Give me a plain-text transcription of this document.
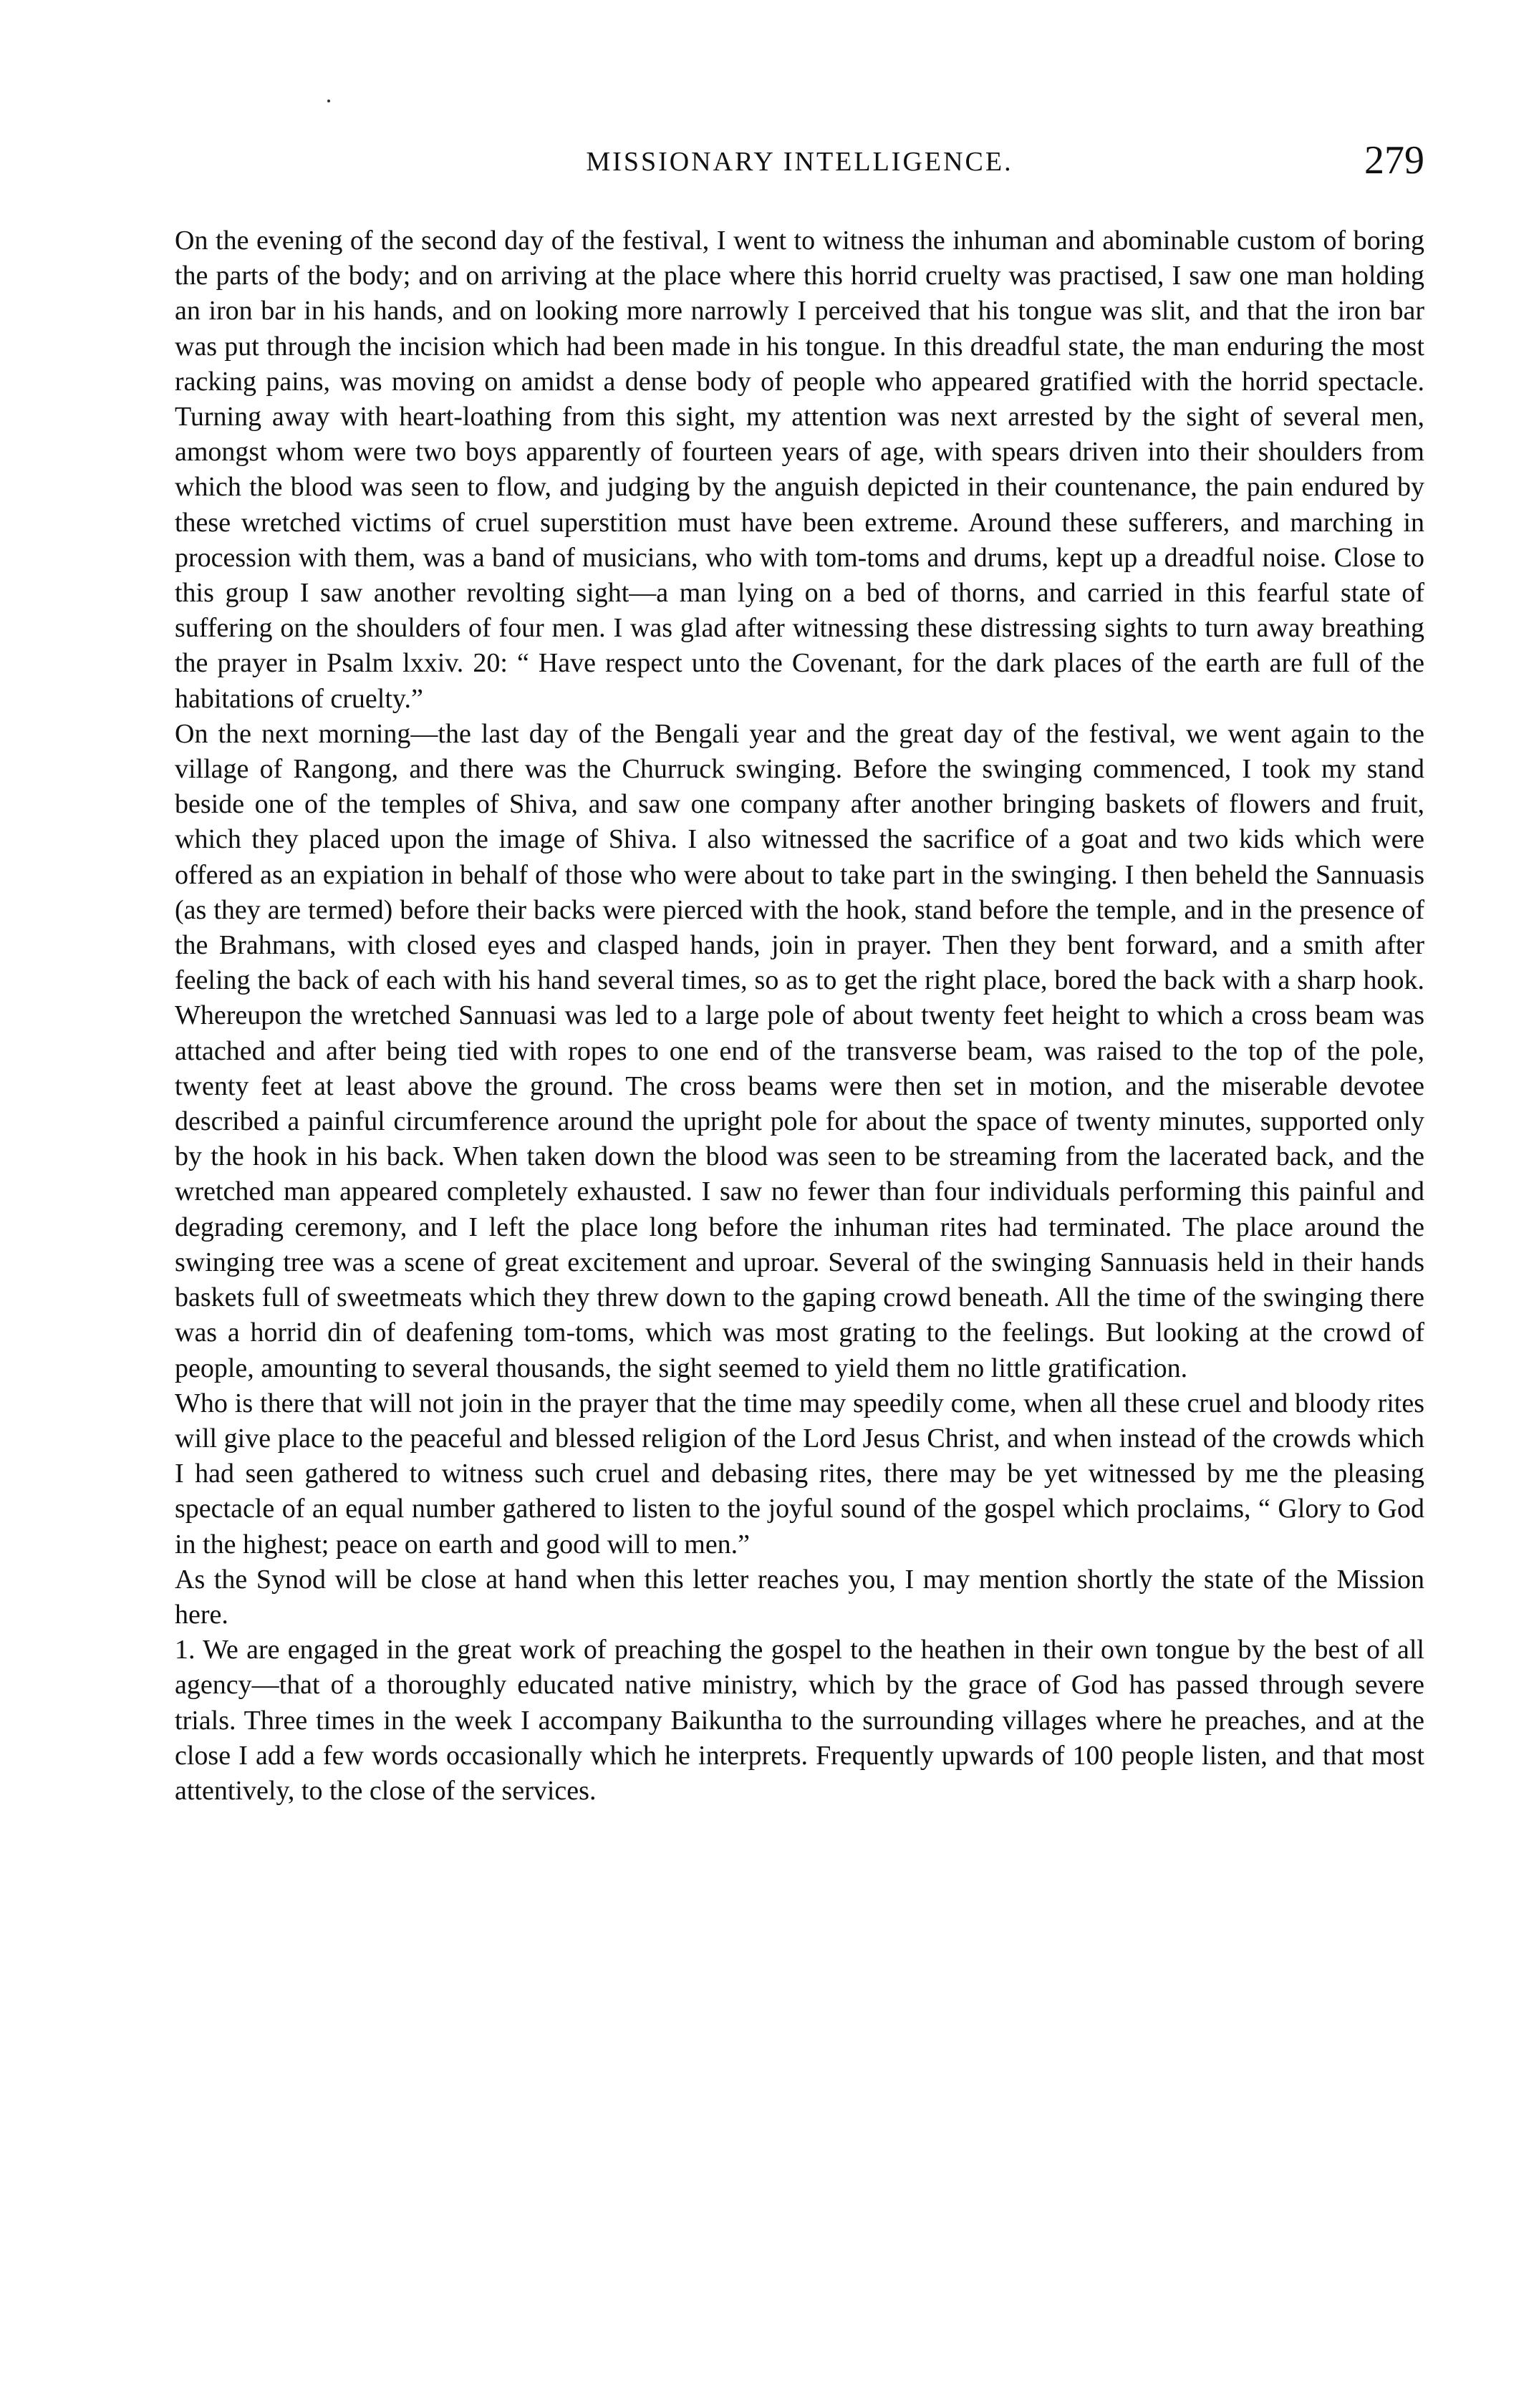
MISSIONARY INTELLIGENCE.	279

On the evening of the second day of the festival, I went to witness the inhuman and abominable custom of boring the parts of the body; and on arriving at the place where this horrid cruelty was practised, I saw one man holding an iron bar in his hands, and on looking more narrowly I perceived that his tongue was slit, and that the iron bar was put through the incision which had been made in his tongue. In this dreadful state, the man enduring the most racking pains, was moving on amidst a dense body of people who appeared gratified with the horrid spectacle. Turning away with heart-loathing from this sight, my attention was next arrested by the sight of several men, amongst whom were two boys apparently of fourteen years of age, with spears driven into their shoulders from which the blood was seen to flow, and judging by the anguish depicted in their countenance, the pain endured by these wretched victims of cruel superstition must have been extreme. Around these sufferers, and marching in procession with them, was a band of musicians, who with tom-toms and drums, kept up a dreadful noise. Close to this group I saw another revolting sight—a man lying on a bed of thorns, and carried in this fearful state of suffering on the shoulders of four men. I was glad after witnessing these distressing sights to turn away breathing the prayer in Psalm lxxiv. 20: “ Have respect unto the Covenant, for the dark places of the earth are full of the habitations of cruelty.”

On the next morning—the last day of the Bengali year and the great day of the festival, we went again to the village of Rangong, and there was the Churruck swinging. Before the swinging commenced, I took my stand beside one of the temples of Shiva, and saw one company after another bringing baskets of flowers and fruit, which they placed upon the image of Shiva. I also witnessed the sacrifice of a goat and two kids which were offered as an expiation in behalf of those who were about to take part in the swinging. I then beheld the Sannuasis (as they are termed) before their backs were pierced with the hook, stand before the temple, and in the presence of the Brahmans, with closed eyes and clasped hands, join in prayer. Then they bent forward, and a smith after feeling the back of each with his hand several times, so as to get the right place, bored the back with a sharp hook. Whereupon the wretched Sannuasi was led to a large pole of about twenty feet height to which a cross beam was attached and after being tied with ropes to one end of the transverse beam, was raised to the top of the pole, twenty feet at least above the ground. The cross beams were then set in motion, and the miserable devotee described a painful circumference around the upright pole for about the space of twenty minutes, supported only by the hook in his back. When taken down the blood was seen to be streaming from the lacerated back, and the wretched man appeared completely exhausted. I saw no fewer than four individuals performing this painful and degrading ceremony, and I left the place long before the inhuman rites had terminated. The place around the swinging tree was a scene of great excitement and uproar. Several of the swinging Sannuasis held in their hands baskets full of sweetmeats which they threw down to the gaping crowd beneath. All the time of the swinging there was a horrid din of deafening tom-toms, which was most grating to the feelings. But looking at the crowd of people, amounting to several thousands, the sight seemed to yield them no little gratification.

Who is there that will not join in the prayer that the time may speedily come, when all these cruel and bloody rites will give place to the peaceful and blessed religion of the Lord Jesus Christ, and when instead of the crowds which I had seen gathered to witness such cruel and debasing rites, there may be yet witnessed by me the pleasing spectacle of an equal number gathered to listen to the joyful sound of the gospel which proclaims, “ Glory to God in the highest; peace on earth and good will to men.”

As the Synod will be close at hand when this letter reaches you, I may mention shortly the state of the Mission here.

1. We are engaged in the great work of preaching the gospel to the heathen in their own tongue by the best of all agency—that of a thoroughly educated native ministry, which by the grace of God has passed through severe trials. Three times in the week I accompany Baikuntha to the surrounding villages where he preaches, and at the close I add a few words occasionally which he interprets. Frequently upwards of 100 people listen, and that most attentively, to the close of the services.
